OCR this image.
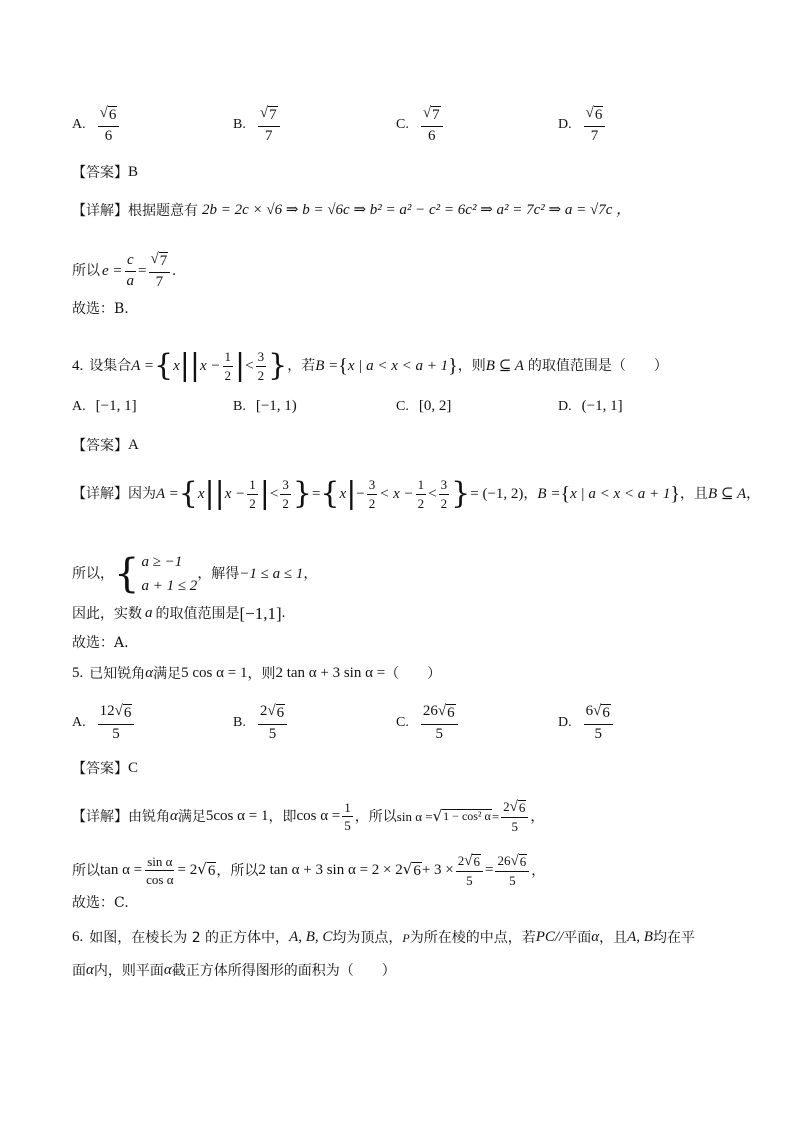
A. $\frac{√ 6}{6}$	B. $\frac{√ 7}{7}$	C. $\frac{√ 7}{6}$	D. $\frac{√ 6}{7}$
【答案】 B
【详解】 根据题意有 2b = 2c × √6 ⇒ b = √6c ⇒ b² = a² − c² = 6c² ⇒ a² = 7c² ⇒ a = √7c ，
所以 $e = \frac{c}{a} = \frac{√ 7}{7}$ .
故选：B.
4. 设集合 A = { x | | $x - \frac{1}{2}$ | < $\frac{3}{2}$ } ，若 B = { x | a < x < a + 1 } ，则 B ⊆ A 的取值范围是（　　）
A. [−1, 1]	B. [−1, 1)	C. [0, 2]	D. (−1, 1]
【答案】 A
【详解】 因为 A = { x | | $x - \frac{1}{2}$ | < $\frac{3}{2}$ } = { x | − $\frac{3}{2} < x - \frac{1}{2} < \frac{3}{2}$ } = (−1, 2) ， B = { x | a < x < a + 1 } ，且 B ⊆ A ，
所以， { a ≥ −1
a + 1 ≤ 2
，解得 −1 ≤ a ≤ 1 ，
因此，实数 a 的取值范围是 [−1,1] .
故选：A.
5. 已知锐角 α 满足 5 cos α = 1 ，则 2 tan α + 3 sin α = （　　）
A. $\frac{12 √ 6}{5}$	B. $\frac{2 √ 6}{5}$	C. $\frac{26 √ 6}{5}$	D. $\frac{6 √ 6}{5}$
【答案】 C
【详解】 由锐角 α 满足 5cos α = 1 ，即 $\cos \alpha = \frac{1}{5}$ ，所以 sin α = √ 1 − cos² $\alpha = \frac{2 √ 6}{5}$ ，
所以 $\tan \alpha = \frac{\text{sin α}}{\text{cos α}} = 2$ √ 6 ，所以 2 tan α + 3 sin α = 2 × 2 √ $6 + 3 \times \frac{2 √ 6}{5} = \frac{26 √ 6}{5}$ ，
故选：C.
6. 如图，在棱长为 2 的正方体中， A, B, C 均为顶点， P 为所在棱的中点，若 PC// 平面 α ，且 A, B 均在平
面 α 内，则平面 α 截正方体所得图形的面积为（　　）
